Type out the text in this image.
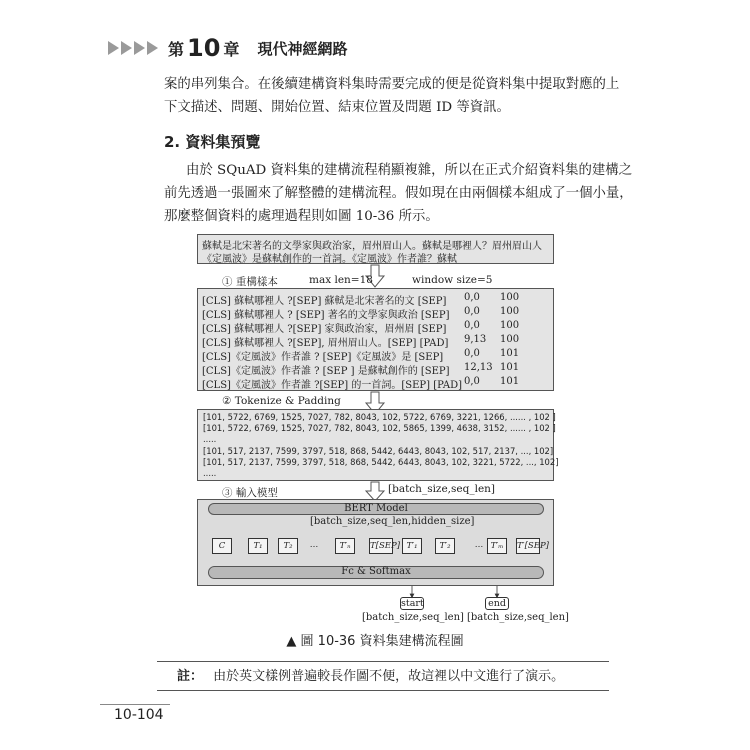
第 10 章 現代神經網路
案的串列集合。在後續建構資料集時需要完成的便是從資料集中提取對應的上
下文描述、問題、開始位置、結束位置及問題 ID 等資訊。
2. 資料集預覽
由於 SQuAD 資料集的建構流程稍顯複雜，所以在正式介紹資料集的建構之
前先透過一張圖來了解整體的建構流程。假如現在由兩個樣本組成了一個小量，
那麼整個資料的處理過程則如圖 10-36 所示。
蘇軾是北宋著名的文學家與政治家，眉州眉山人。蘇軾是哪裡人？眉州眉山人
《定風波》是蘇軾創作的一首詞。《定風波》作者誰？蘇軾
① 重構樣本	max len=18	window size=5
[CLS] 蘇軾哪裡人 ?[SEP] 蘇軾是北宋著名的文 [SEP] 0,0 100
[CLS] 蘇軾哪裡人 ? [SEP] 著名的文學家與政治 [SEP] 0,0 100
[CLS] 蘇軾哪裡人 ?[SEP] 家與政治家，眉州眉 [SEP] 0,0 100
[CLS] 蘇軾哪裡人 ?[SEP], 眉州眉山人。[SEP] [PAD] 9,13 100
[CLS]《定風波》作者誰 ? [SEP]《定風波》是 [SEP] 0,0 101
[CLS]《定風波》作者誰 ? [SEP ] 是蘇軾創作的 [SEP] 12,13 101
[CLS]《定風波》作者誰 ?[SEP] 的一首詞。[SEP] [PAD] 0,0 101
② Tokenize & Padding
[101, 5722, 6769, 1525, 7027, 782, 8043, 102, 5722, 6769, 3221, 1266, ...... , 102 ]
[101, 5722, 6769, 1525, 7027, 782, 8043, 102, 5865, 1399, 4638, 3152, ...... , 102 ]
.....
[101, 517, 2137, 7599, 3797, 518, 868, 5442, 6443, 8043, 102, 517, 2137, ..., 102]
[101, 517, 2137, 7599, 3797, 518, 868, 5442, 6443, 8043, 102, 3221, 5722, ..., 102]
.....
③ 輸入模型	[batch_size,seq_len]
BERT Model
[batch_size,seq_len,hidden_size]
C	T₁	T₂	…	T′ₙ	T[SEP] T′₁	T′₂	… T′ₘ	T′[SEP]
Fc & Softmax
start	end
[batch_size,seq_len] [batch_size,seq_len]
▲ 圖 10-36 資料集建構流程圖
註： 由於英文樣例普遍較長作圖不便，故這裡以中文進行了演示。
10-104
